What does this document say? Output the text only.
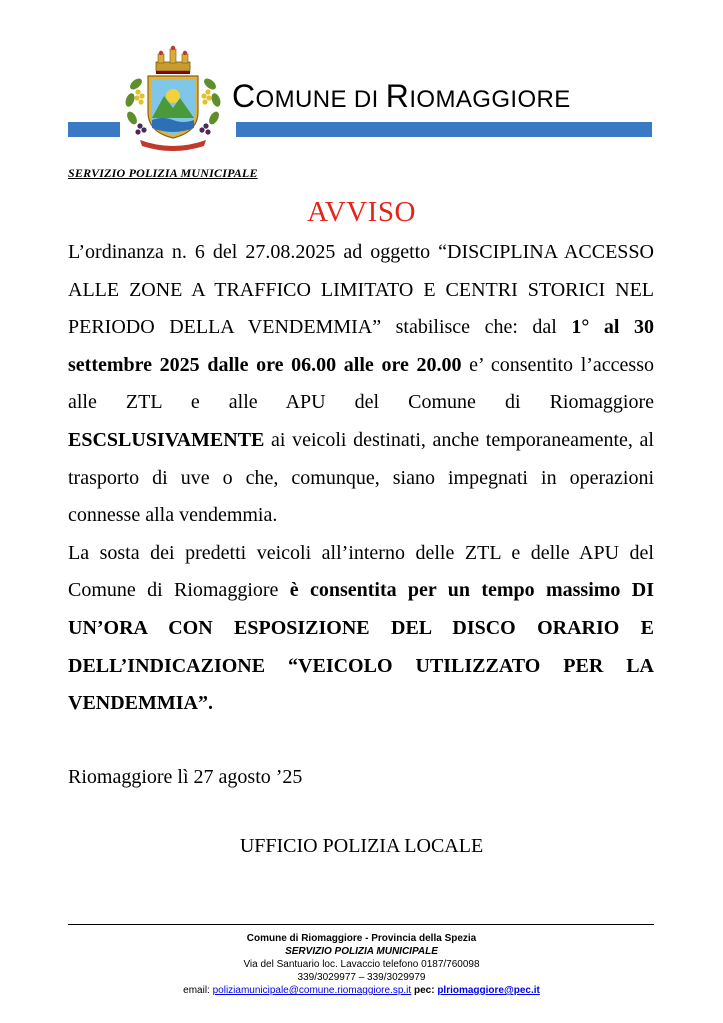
COMUNE DI RIOMAGGIORE
SERVIZIO POLIZIA MUNICIPALE
AVVISO

L’ordinanza n. 6 del 27.08.2025 ad oggetto “DISCIPLINA ACCESSO ALLE ZONE A TRAFFICO LIMITATO E CENTRI STORICI NEL PERIODO DELLA VENDEMMIA” stabilisce che: dal 1° al 30 settembre 2025 dalle ore 06.00 alle ore 20.00 e’ consentito l’accesso alle ZTL e alle APU del Comune di Riomaggiore ESCSLUSIVAMENTE ai veicoli destinati, anche temporaneamente, al trasporto di uve o che, comunque, siano impegnati in operazioni connesse alla vendemmia.

La sosta dei predetti veicoli all’interno delle ZTL e delle APU del Comune di Riomaggiore è consentita per un tempo massimo DI UN’ORA CON ESPOSIZIONE DEL DISCO ORARIO E DELL’INDICAZIONE “VEICOLO UTILIZZATO PER LA VENDEMMIA”.

Riomaggiore lì 27 agosto ’25
UFFICIO POLIZIA LOCALE
Comune di Riomaggiore - Provincia della Spezia
SERVIZIO POLIZIA MUNICIPALE
Via del Santuario loc. Lavaccio telefono 0187/760098
339/3029977 – 339/3029979
email: poliziamunicipale@comune.riomaggiore.sp.it pec: plriomaggiore@pec.it
